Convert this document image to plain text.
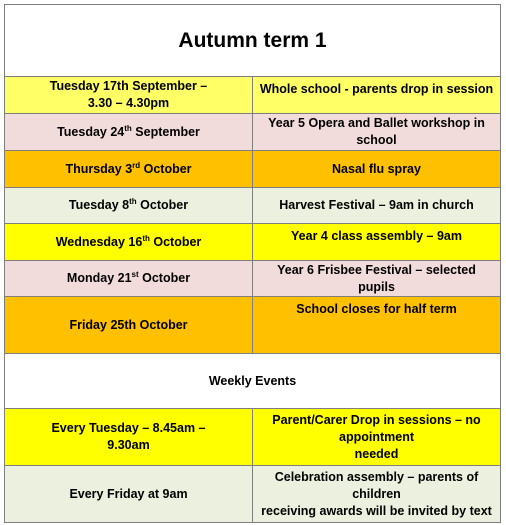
Autumn term 1	
Tuesday 17th September –
3.30 – 4.30pm	Whole school - parents drop in session
Tuesday 24th September	Year 5 Opera and Ballet workshop in school
Thursday 3rd October	Nasal flu spray
Tuesday 8th October	Harvest Festival – 9am in church
Wednesday 16th October	Year 4 class assembly – 9am
Monday 21st October	Year 6 Frisbee Festival – selected pupils
Friday 25th October	School closes for half term
Weekly Events	
Every Tuesday – 8.45am –
9.30am	Parent/Carer Drop in sessions – no appointment
needed
Every Friday at 9am	Celebration assembly – parents of children
receiving awards will be invited by text
